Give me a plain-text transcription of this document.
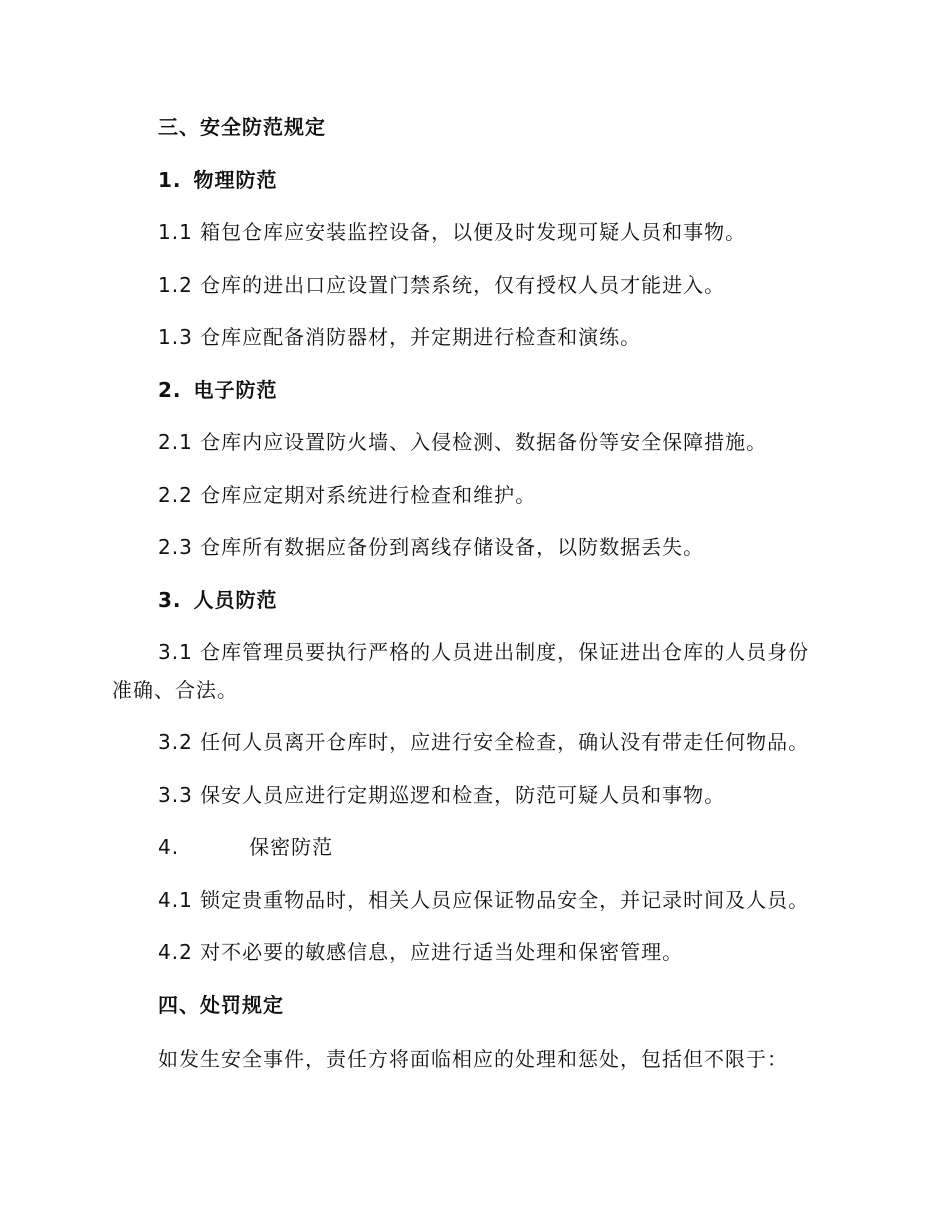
三、安全防范规定
1. 物理防范
1.1 箱包仓库应安装监控设备，以便及时发现可疑人员和事物。
1.2 仓库的进出口应设置门禁系统，仅有授权人员才能进入。
1.3 仓库应配备消防器材，并定期进行检查和演练。
2. 电子防范
2.1 仓库内应设置防火墙、入侵检测、数据备份等安全保障措施。
2.2 仓库应定期对系统进行检查和维护。
2.3 仓库所有数据应备份到离线存储设备，以防数据丢失。
3. 人员防范
3.1 仓库管理员要执行严格的人员进出制度，保证进出仓库的人员身份
准确、合法。
3.2 任何人员离开仓库时，应进行安全检查，确认没有带走任何物品。
3.3 保安人员应进行定期巡逻和检查，防范可疑人员和事物。
4.	保密防范
4.1 锁定贵重物品时，相关人员应保证物品安全，并记录时间及人员。
4.2 对不必要的敏感信息，应进行适当处理和保密管理。
四、处罚规定
如发生安全事件，责任方将面临相应的处理和惩处，包括但不限于：
